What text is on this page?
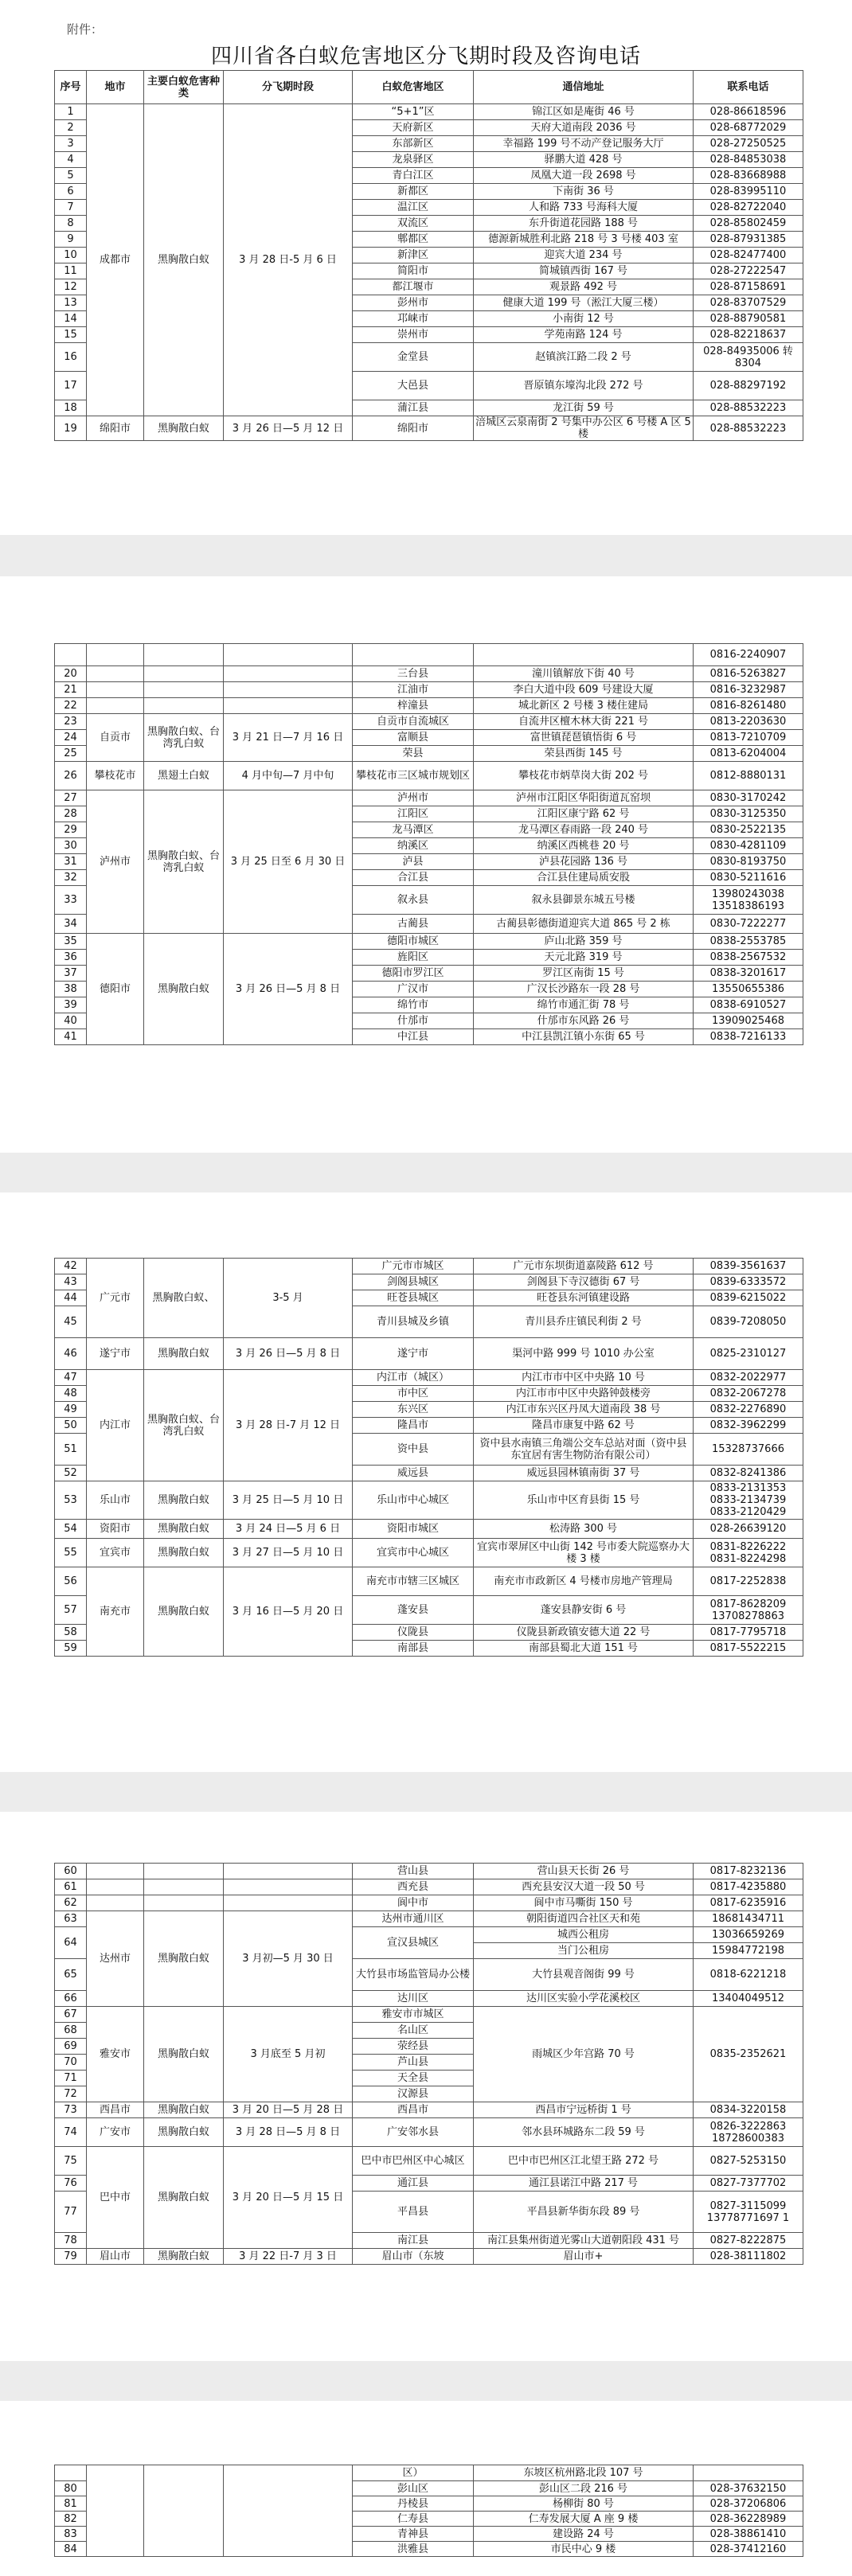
附件：
四川省各白蚁危害地区分飞期时段及咨询电话
序号	地市	主要白蚁危害种类	分飞期时段	白蚁危害地区	通信地址	联系电话
1	成都市	黑胸散白蚁	3 月 28 日-5 月 6 日	“5+1”区	锦江区如是庵街 46 号	028-86618596
2				天府新区	天府大道南段 2036 号	028-68772029
3				东部新区	幸福路 199 号不动产登记服务大厅	028-27250525
4				龙泉驿区	驿鹏大道 428 号	028-84853038
5				青白江区	凤凰大道一段 2698 号	028-83668988
6				新都区	下南街 36 号	028-83995110
7				温江区	人和路 733 号海科大厦	028-82722040
8				双流区	东升街道花园路 188 号	028-85802459
9				郫都区	德源新城胜利北路 218 号 3 号楼 403 室	028-87931385
10				新津区	迎宾大道 234 号	028-82477400
11				简阳市	简城镇西街 167 号	028-27222547
12				都江堰市	观景路 492 号	028-87158691
13				彭州市	健康大道 199 号（淞江大厦三楼）	028-83707529
14				邛崃市	小南街 12 号	028-88790581
15				崇州市	学苑南路 124 号	028-82218637
16				金堂县	赵镇滨江路二段 2 号	028-84935006 转 8304
17				大邑县	晋原镇东壕沟北段 272 号	028-88297192
18				蒲江县	龙江街 59 号	028-88532223
19	绵阳市	黑胸散白蚁	3 月 26 日—5 月 12 日	绵阳市	涪城区云泉南街 2 号集中办公区 6 号楼 A 区 5 楼	028-88532223
						0816-2240907
20				三台县	潼川镇解放下街 40 号	0816-5263827
21				江油市	李白大道中段 609 号建设大厦	0816-3232987
22				梓潼县	城北新区 2 号楼 3 楼住建局	0816-8261480
23	自贡市	黑胸散白蚁、台湾乳白蚁	3 月 21 日—7 月 16 日	自贡市自流城区	自流井区檀木林大街 221 号	0813-2203630
24				富顺县	富世镇琵琶镇悟街 6 号	0813-7210709
25				荣县	荣县西街 145 号	0813-6204004
26	攀枝花市	黑翅土白蚁	4 月中旬—7 月中旬	攀枝花市三区城市规划区	攀枝花市炳草岗大街 202 号	0812-8880131
27	泸州市	黑胸散白蚁、台湾乳白蚁	3 月 25 日至 6 月 30 日	泸州市	泸州市江阳区华阳街道瓦窑坝	0830-3170242
28				江阳区	江阳区康宁路 62 号	0830-3125350
29				龙马潭区	龙马潭区春雨路一段 240 号	0830-2522135
30				纳溪区	纳溪区西桃巷 20 号	0830-4281109
31				泸县	泸县花园路 136 号	0830-8193750
32				合江县	合江县住建局质安股	0830-5211616
33				叙永县	叙永县御景东城五号楼	13980243038 13518386193
34				古蔺县	古蔺县彰德街道迎宾大道 865 号 2 栋	0830-7222277
35	德阳市	黑胸散白蚁	3 月 26 日—5 月 8 日	德阳市城区	庐山北路 359 号	0838-2553785
36				旌阳区	天元北路 319 号	0838-2567532
37				德阳市罗江区	罗江区南街 15 号	0838-3201617
38				广汉市	广汉长沙路东一段 28 号	13550655386
39				绵竹市	绵竹市通汇街 78 号	0838-6910527
40				什邡市	什邡市东风路 26 号	13909025468
41				中江县	中江县凯江镇小东街 65 号	0838-7216133
42	广元市	黑胸散白蚁、	3-5 月	广元市市城区	广元市东坝街道嘉陵路 612 号	0839-3561637
43				剑阁县城区	剑阁县下寺汉德街 67 号	0839-6333572
44				旺苍县城区	旺苍县东河镇建设路	0839-6215022
45				青川县城及乡镇	青川县乔庄镇民利街 2 号	0839-7208050
46	遂宁市	黑胸散白蚁	3 月 26 日—5 月 8 日	遂宁市	渠河中路 999 号 1010 办公室	0825-2310127
47	内江市	黑胸散白蚁、台湾乳白蚁	3 月 28 日-7 月 12 日	内江市（城区）	内江市市中区中央路 10 号	0832-2022977
48				市中区	内江市市中区中央路钟鼓楼旁	0832-2067278
49				东兴区	内江市东兴区丹凤大道南段 38 号	0832-2276890
50				隆昌市	隆昌市康复中路 62 号	0832-3962299
51				资中县	资中县水南镇三角端公交车总站对面（资中县东宜居有害生物防治有限公司）	15328737666
52				威远县	威远县园林镇南街 37 号	0832-8241386
53	乐山市	黑胸散白蚁	3 月 25 日—5 月 10 日	乐山市中心城区	乐山市中区育县街 15 号	0833-2131353 0833-2134739 0833-2120429
54	资阳市	黑胸散白蚁	3 月 24 日—5 月 6 日	资阳市城区	松涛路 300 号	028-26639120
55	宜宾市	黑胸散白蚁	3 月 27 日—5 月 10 日	宜宾市中心城区	宜宾市翠屏区中山街 142 号市委大院巡察办大楼 3 楼	0831-8226222 0831-8224298
56	南充市	黑胸散白蚁	3 月 16 日—5 月 20 日	南充市市辖三区城区	南充市市政新区 4 号楼市房地产管理局	0817-2252838
57				蓬安县	蓬安县静安街 6 号	0817-8628209 13708278863
58				仪陇县	仪陇县新政镇安德大道 22 号	0817-7795718
59				南部县	南部县蜀北大道 151 号	0817-5522215
60				营山县	营山县天长街 26 号	0817-8232136
61				西充县	西充县安汉大道一段 50 号	0817-4235880
62				阆中市	阆中市马嘶街 150 号	0817-6235916
63	达州市	黑胸散白蚁	3 月初—5 月 30 日	达州市通川区	朝阳街道四合社区天和苑	18681434711
64				宣汉县城区	城西公租房	13036659269
					当门公租房	15984772198
65				大竹县市场监管局办公楼	大竹县观音阁街 99 号	0818-6221218
66				达川区	达川区实验小学花溪校区	13404049512
67	雅安市	黑胸散白蚁	3 月底至 5 月初	雅安市市城区	雨城区少年宫路 70 号	0835-2352621
68				名山区		
69				荥经县		
70				芦山县		
71				天全县		
72				汉源县		
73	西昌市	黑胸散白蚁	3 月 20 日—5 月 28 日	西昌市	西昌市宁远桥街 1 号	0834-3220158
74	广安市	黑胸散白蚁	3 月 28 日—5 月 8 日	广安邻水县	邻水县环城路东二段 59 号	0826-3222863 18728600383
75	巴中市	黑胸散白蚁	3 月 20 日—5 月 15 日	巴中市巴州区中心城区	巴中市巴州区江北望王路 272 号	0827-5253150
76				通江县	通江县诺江中路 217 号	0827-7377702
77				平昌县	平昌县新华街东段 89 号	0827-3115099 13778771697 1
78				南江县	南江县集州街道光雾山大道朝阳段 431 号	0827-8222875
79	眉山市	黑胸散白蚁	3 月 22 日-7 月 3 日	眉山市（东坡	眉山市+	028-38111802
				区）	东坡区杭州路北段 107 号	
80				彭山区	彭山区二段 216 号	028-37632150
81				丹棱县	杨柳街 80 号	028-37206806
82				仁寿县	仁寿发展大厦 A 座 9 楼	028-36228989
83				青神县	建设路 24 号	028-38861410
84				洪雅县	市民中心 9 楼	028-37412160
